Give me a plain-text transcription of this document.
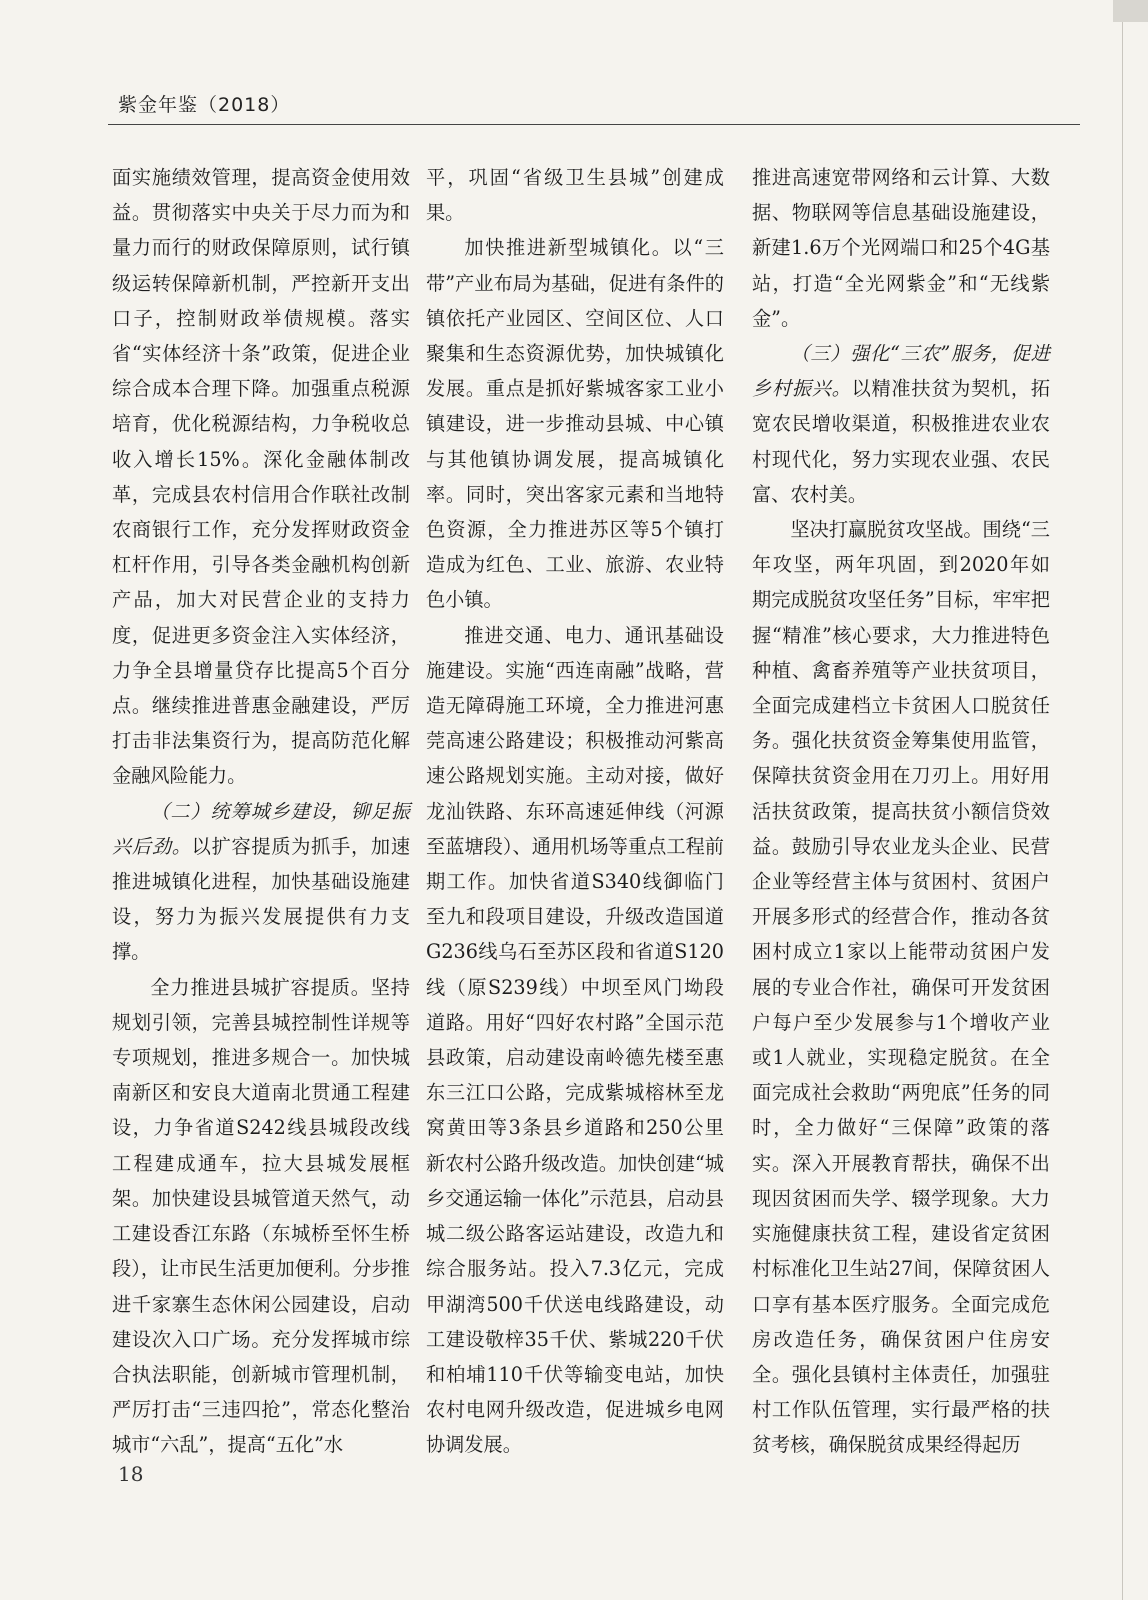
紫金年鉴（2018）

面实施绩效管理，提高资金使用效益。贯彻落实中央关于尽力而为和量力而行的财政保障原则，试行镇级运转保障新机制，严控新开支出口子，控制财政举债规模。落实省“实体经济十条”政策，促进企业综合成本合理下降。加强重点税源培育，优化税源结构，力争税收总收入增长15%。深化金融体制改革，完成县农村信用合作联社改制农商银行工作，充分发挥财政资金杠杆作用，引导各类金融机构创新产品，加大对民营企业的支持力度，促进更多资金注入实体经济，力争全县增量贷存比提高5个百分点。继续推进普惠金融建设，严厉打击非法集资行为，提高防范化解金融风险能力。

（二）统筹城乡建设，铆足振兴后劲。以扩容提质为抓手，加速推进城镇化进程，加快基础设施建设，努力为振兴发展提供有力支撑。

全力推进县城扩容提质。坚持规划引领，完善县城控制性详规等专项规划，推进多规合一。加快城南新区和安良大道南北贯通工程建设，力争省道S242线县城段改线工程建成通车，拉大县城发展框架。加快建设县城管道天然气，动工建设香江东路（东城桥至怀生桥段），让市民生活更加便利。分步推进千家寨生态休闲公园建设，启动建设次入口广场。充分发挥城市综合执法职能，创新城市管理机制，严厉打击“三违四抢”，常态化整治城市“六乱”，提高“五化”水

平，巩固“省级卫生县城”创建成果。

加快推进新型城镇化。以“三带”产业布局为基础，促进有条件的镇依托产业园区、空间区位、人口聚集和生态资源优势，加快城镇化发展。重点是抓好紫城客家工业小镇建设，进一步推动县城、中心镇与其他镇协调发展，提高城镇化率。同时，突出客家元素和当地特色资源，全力推进苏区等5个镇打造成为红色、工业、旅游、农业特色小镇。

推进交通、电力、通讯基础设施建设。实施“西连南融”战略，营造无障碍施工环境，全力推进河惠莞高速公路建设；积极推动河紫高速公路规划实施。主动对接，做好龙汕铁路、东环高速延伸线（河源至蓝塘段）、通用机场等重点工程前期工作。加快省道S340线御临门至九和段项目建设，升级改造国道G236线乌石至苏区段和省道S120线（原S239线）中坝至风门坳段道路。用好“四好农村路”全国示范县政策，启动建设南岭德先楼至惠东三江口公路，完成紫城榕林至龙窝黄田等3条县乡道路和250公里新农村公路升级改造。加快创建“城乡交通运输一体化”示范县，启动县城二级公路客运站建设，改造九和综合服务站。投入7.3亿元，完成甲湖湾500千伏送电线路建设，动工建设敬梓35千伏、紫城220千伏和柏埔110千伏等输变电站，加快农村电网升级改造，促进城乡电网协调发展。

推进高速宽带网络和云计算、大数据、物联网等信息基础设施建设，新建1.6万个光网端口和25个4G基站，打造“全光网紫金”和“无线紫金”。

（三）强化“三农”服务，促进乡村振兴。以精准扶贫为契机，拓宽农民增收渠道，积极推进农业农村现代化，努力实现农业强、农民富、农村美。

坚决打赢脱贫攻坚战。围绕“三年攻坚，两年巩固，到2020年如期完成脱贫攻坚任务”目标，牢牢把握“精准”核心要求，大力推进特色种植、禽畜养殖等产业扶贫项目，全面完成建档立卡贫困人口脱贫任务。强化扶贫资金筹集使用监管，保障扶贫资金用在刀刃上。用好用活扶贫政策，提高扶贫小额信贷效益。鼓励引导农业龙头企业、民营企业等经营主体与贫困村、贫困户开展多形式的经营合作，推动各贫困村成立1家以上能带动贫困户发展的专业合作社，确保可开发贫困户每户至少发展参与1个增收产业或1人就业，实现稳定脱贫。在全面完成社会救助“两兜底”任务的同时，全力做好“三保障”政策的落实。深入开展教育帮扶，确保不出现因贫困而失学、辍学现象。大力实施健康扶贫工程，建设省定贫困村标准化卫生站27间，保障贫困人口享有基本医疗服务。全面完成危房改造任务，确保贫困户住房安全。强化县镇村主体责任，加强驻村工作队伍管理，实行最严格的扶贫考核，确保脱贫成果经得起历

18
